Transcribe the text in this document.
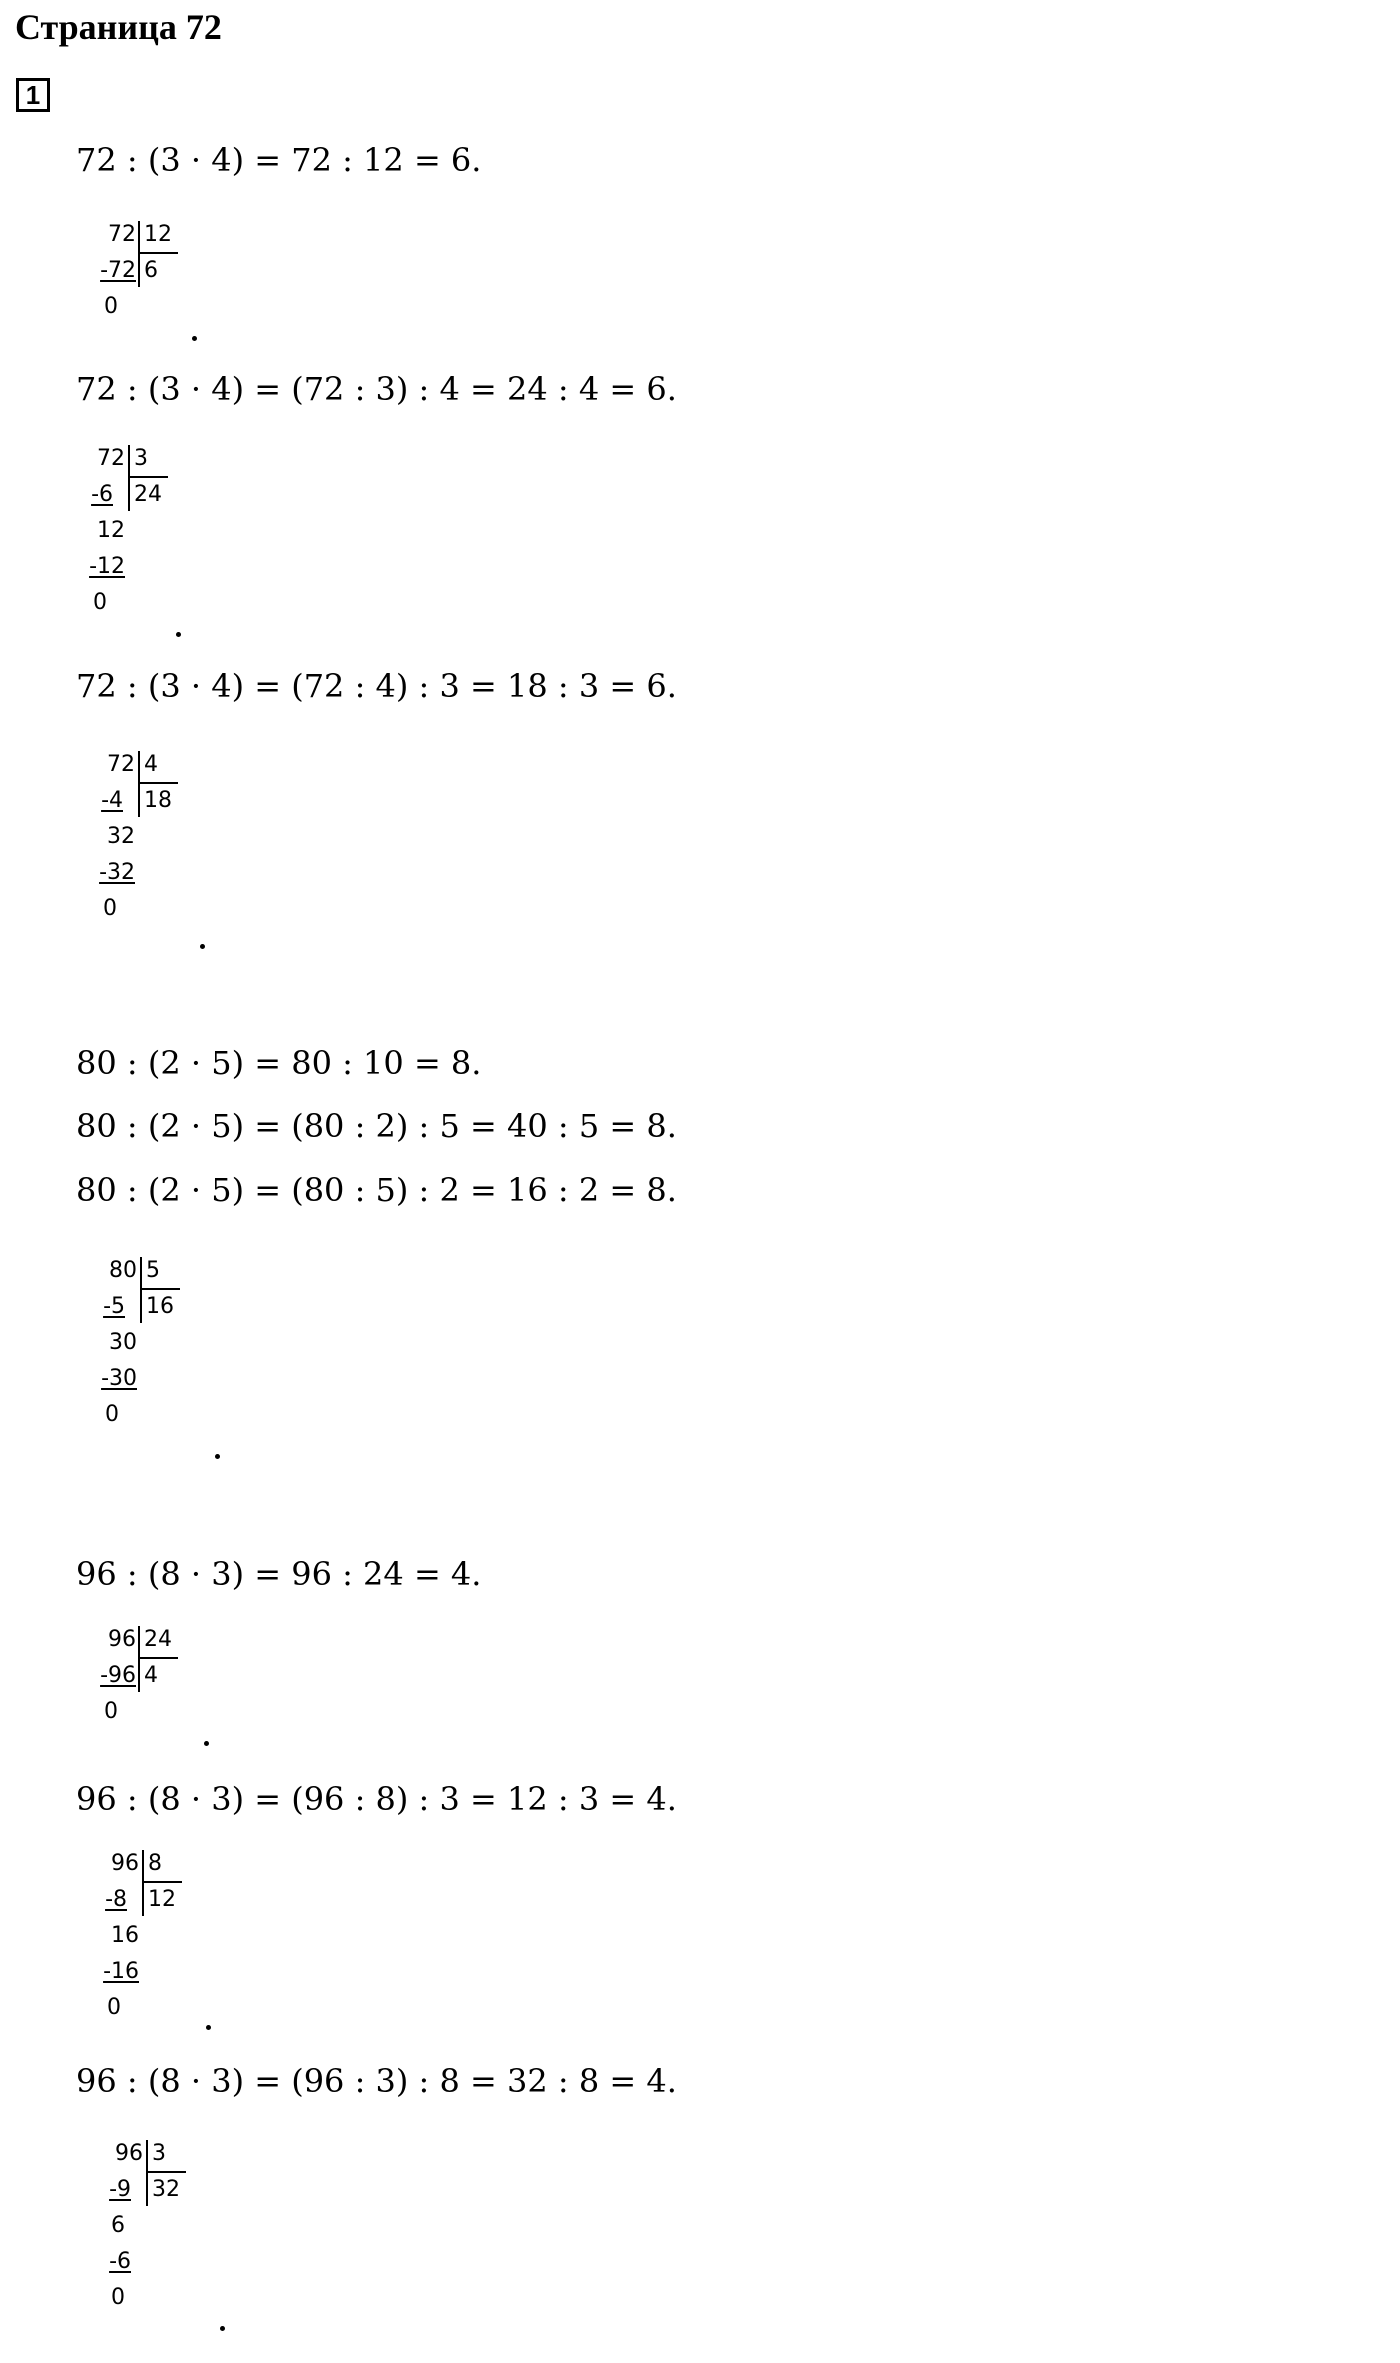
Страница 72
1
72 : (3 · 4) = 72 : 12 = 6.
72 : (3 · 4) = (72 : 3) : 4 = 24 : 4 = 6.
72 : (3 · 4) = (72 : 4) : 3 = 18 : 3 = 6.
80 : (2 · 5) = 80 : 10 = 8.
80 : (2 · 5) = (80 : 2) : 5 = 40 : 5 = 8.
80 : (2 · 5) = (80 : 5) : 2 = 16 : 2 = 8.
96 : (8 · 3) = 96 : 24 = 4.
96 : (8 · 3) = (96 : 8) : 3 = 12 : 3 = 4.
96 : (8 · 3) = (96 : 3) : 8 = 32 : 8 = 4.
72
-72
0
12
6
72
-6
12
-12
0
3
24
72
-4
32
-32
0
4
18
80
-5
30
-30
0
5
16
96
-96
0
24
4
96
-8
16
-16
0
8
12
96
-9
6
-6
0
3
32
